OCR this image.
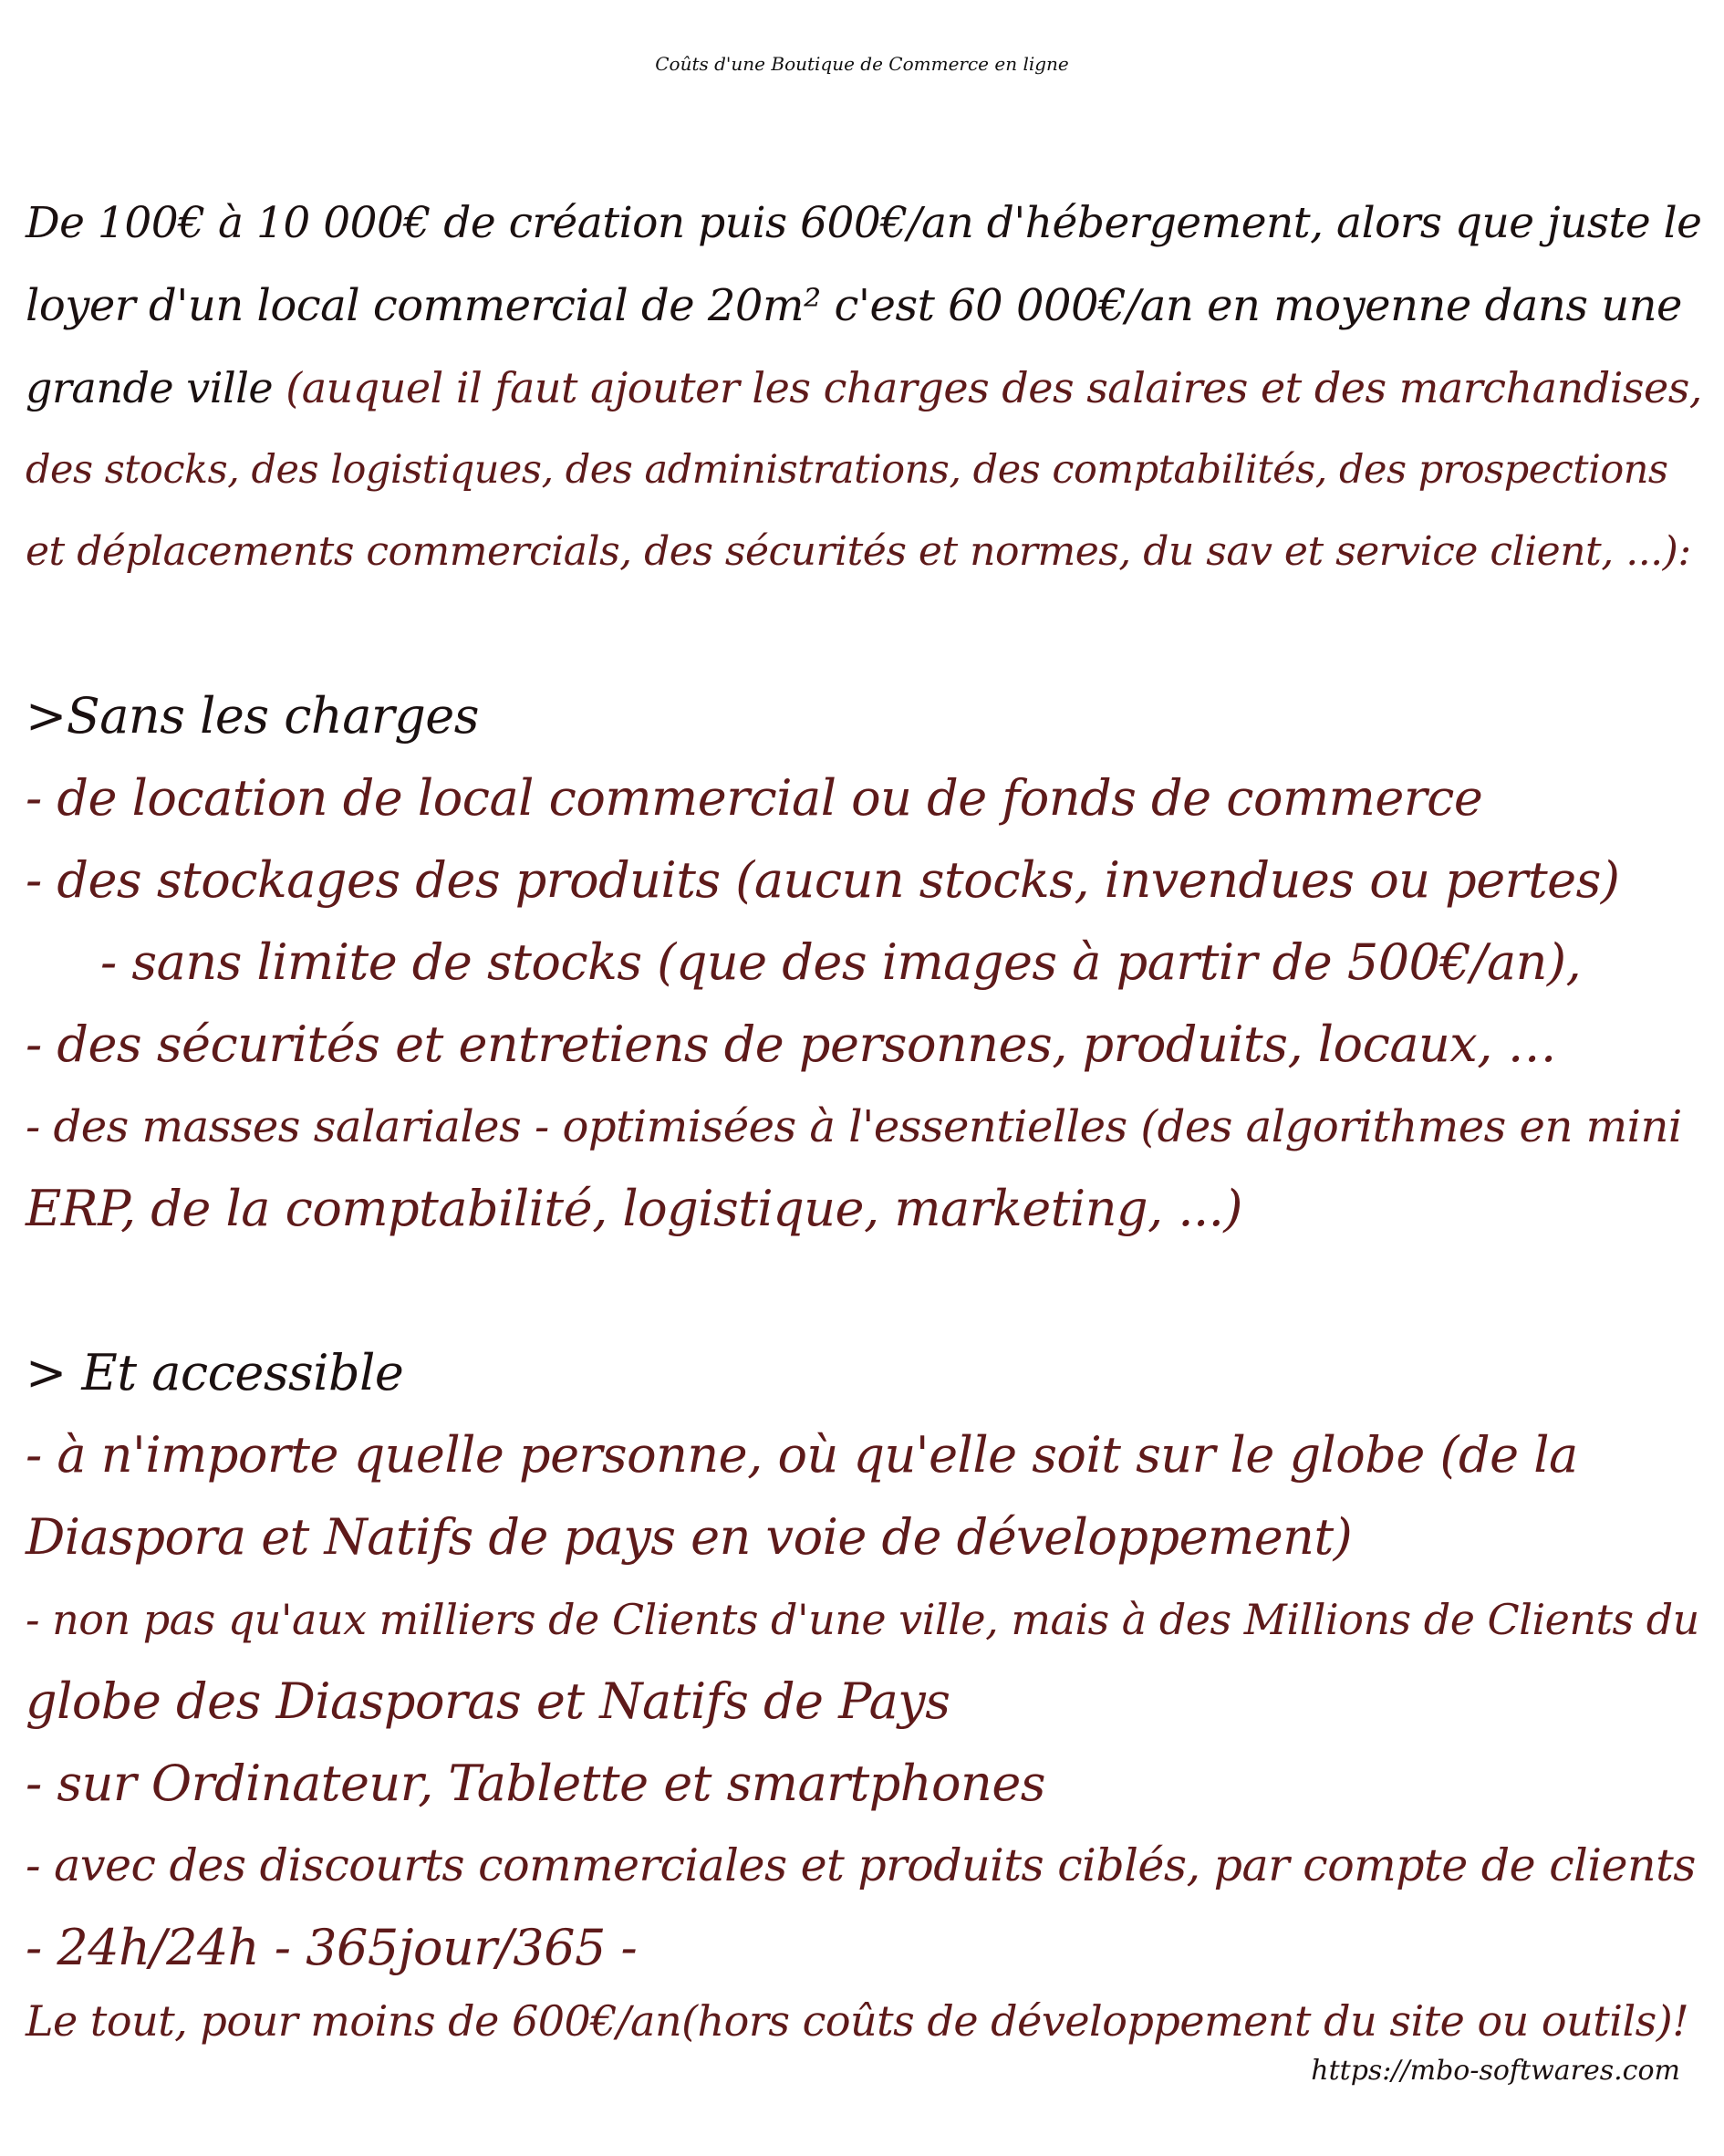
Coûts d'une Boutique de Commerce en ligne
De 100€ à 10 000€ de création puis 600€/an d'hébergement, alors que juste le
loyer d'un local commercial de 20m² c'est 60 000€/an en moyenne dans une
grande ville (auquel il faut ajouter les charges des salaires et des marchandises,
des stocks, des logistiques, des administrations, des comptabilités, des prospections
et déplacements commercials, des sécurités et normes, du sav et service client, ...):
>Sans les charges
- de location de local commercial ou de fonds de commerce
- des stockages des produits (aucun stocks, invendues ou pertes)
- sans limite de stocks (que des images à partir de 500€/an),
- des sécurités et entretiens de personnes, produits, locaux, …
- des masses salariales - optimisées à l'essentielles (des algorithmes en mini
ERP, de la comptabilité, logistique, marketing, ...)
> Et accessible
- à n'importe quelle personne, où qu'elle soit sur le globe (de la
Diaspora et Natifs de pays en voie de développement)
- non pas qu'aux milliers de Clients d'une ville, mais à des Millions de Clients du
globe des Diasporas et Natifs de Pays
- sur Ordinateur, Tablette et smartphones
- avec des discourts commerciales et produits ciblés, par compte de clients
- 24h/24h - 365jour/365 -
Le tout, pour moins de 600€/an(hors coûts de développement du site ou outils)!
https://mbo-softwares.com
